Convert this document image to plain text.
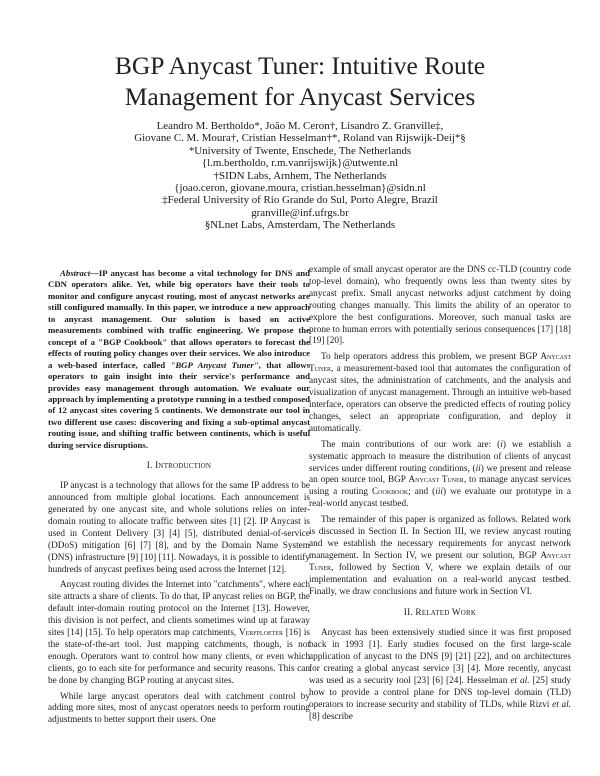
BGP Anycast Tuner: Intuitive Route
Management for Anycast Services
Leandro M. Bertholdo*, João M. Ceron†, Lisandro Z. Granville‡,
Giovane C. M. Moura†, Cristian Hesselman†*, Roland van Rijswijk-Deij*§
*University of Twente, Enschede, The Netherlands
{l.m.bertholdo, r.m.vanrijswijk}@utwente.nl
†SIDN Labs, Arnhem, The Netherlands
{joao.ceron, giovane.moura, cristian.hesselman}@sidn.nl
‡Federal University of Rio Grande do Sul, Porto Alegre, Brazil
granville@inf.ufrgs.br
§NLnet Labs, Amsterdam, The Netherlands

Abstract—IP anycast has become a vital technology for DNS and CDN operators alike. Yet, while big operators have their tools to monitor and configure anycast routing, most of anycast networks are still configured manually. In this paper, we introduce a new approach to anycast management. Our solution is based on active measurements combined with traffic engineering. We propose the concept of a "BGP Cookbook" that allows operators to forecast the effects of routing policy changes over their services. We also introduce a web-based interface, called "BGP Anycast Tuner", that allows operators to gain insight into their service's performance and provides easy management through automation. We evaluate our approach by implementing a prototype running in a testbed composed of 12 anycast sites covering 5 continents. We demonstrate our tool in two different use cases: discovering and fixing a sub-optimal anycast routing issue, and shifting traffic between continents, which is useful during service disruptions.

I. Introduction

IP anycast is a technology that allows for the same IP address to be announced from multiple global locations. Each announcement is generated by one anycast site, and whole solutions relies on inter-domain routing to allocate traffic between sites [1] [2]. IP Anycast is used in Content Delivery [3] [4] [5], distributed denial-of-service (DDoS) mitigation [6] [7] [8], and by the Domain Name System (DNS) infrastructure [9] [10] [11]. Nowadays, it is possible to identify hundreds of anycast prefixes being used across the Internet [12].

Anycast routing divides the Internet into "catchments", where each site attracts a share of clients. To do that, IP anycast relies on BGP, the default inter-domain routing protocol on the Internet [13]. However, this division is not perfect, and clients sometimes wind up at faraway sites [14] [15]. To help operators map catchments, Verfploeter [16] is the state-of-the-art tool. Just mapping catchments, though, is not enough. Operators want to control how many clients, or even which clients, go to each site for performance and security reasons. This can be done by changing BGP routing at anycast sites.

While large anycast operators deal with catchment control by adding more sites, most of anycast operators needs to perform routing adjustments to better support their users. One

example of small anycast operator are the DNS cc-TLD (country code top-level domain), who frequently owns less than twenty sites by anycast prefix. Small anycast networks adjust catchment by doing routing changes manually. This limits the ability of an operator to explore the best configurations. Moreover, such manual tasks are prone to human errors with potentially serious consequences [17] [18] [19] [20].

To help operators address this problem, we present BGP Anycast Tuner, a measurement-based tool that automates the configuration of anycast sites, the administration of catchments, and the analysis and visualization of anycast management. Through an intuitive web-based interface, operators can observe the predicted effects of routing policy changes, select an appropriate configuration, and deploy it automatically.

The main contributions of our work are: (i) we establish a systematic approach to measure the distribution of clients of anycast services under different routing conditions, (ii) we present and release an open source tool, BGP Anycast Tuner, to manage anycast services using a routing Cookbook; and (iii) we evaluate our prototype in a real-world anycast testbed.

The remainder of this paper is organized as follows. Related work is discussed in Section II. In Section III, we review anycast routing and we establish the necessary requirements for anycast network management. In Section IV, we present our solution, BGP Anycast Tuner, followed by Section V, where we explain details of our implementation and evaluation on a real-world anycast testbed. Finally, we draw conclusions and future work in Section VI.

II. Related Work

Anycast has been extensively studied since it was first proposed back in 1993 [1]. Early studies focused on the first large-scale application of anycast to the DNS [9] [21] [22], and on architectures for creating a global anycast service [3] [4]. More recently, anycast was used as a security tool [23] [6] [24]. Hesselman et al. [25] study how to provide a control plane for DNS top-level domain (TLD) operators to increase security and stability of TLDs, while Rizvi et al. [8] describe
